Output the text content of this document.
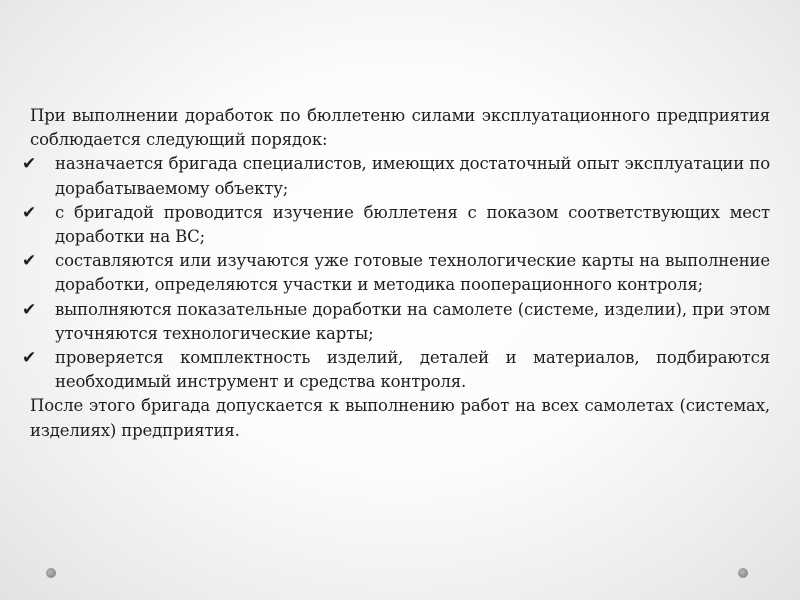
При выполнении доработок по бюллетеню силами эксплуатационного предприятия соблюдается следующий порядок:

✔ назначается бригада специалистов, имеющих достаточный опыт эксплуатации по дорабатываемому объекту;
✔ с бригадой проводится изучение бюллетеня с показом соответствующих мест доработки на ВС;
✔ составляются или изучаются уже готовые технологические карты на выполнение доработки, определяются участки и методика пооперационного контроля;
✔ выполняются показательные доработки на самолете (системе, изделии), при этом уточняются технологические карты;
✔ проверяется комплектность изделий, деталей и материалов, подбираются необходимый инструмент и средства контроля.

После этого бригада допускается к выполнению работ на всех самолетах (системах, изделиях) предприятия.
